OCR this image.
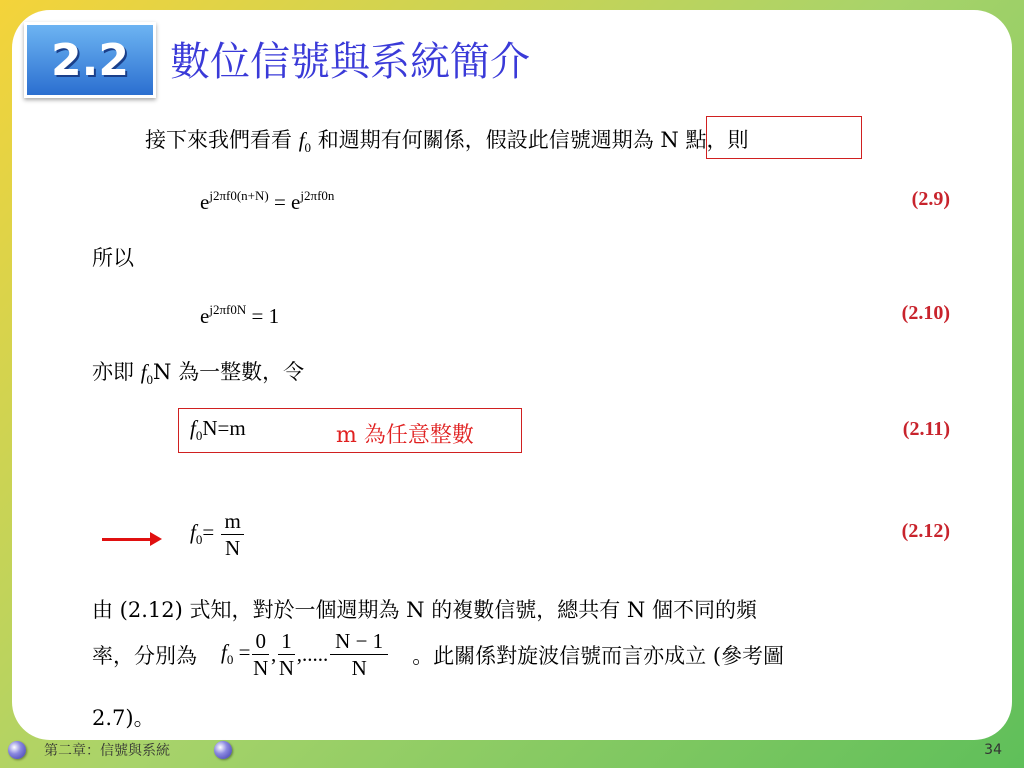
2.2 數位信號與系統簡介
接下來我們看看 $f_0$ 和週期有何關係，假設此信號週期為 N 點，則
$e^{j2\pi f0(n+N)} = e^{j2\pi f0n}$	(2.9)
所以
$e^{j2\pi f0N} = 1$	(2.10)
亦即 $f_0N$ 為一整數，令
$f_0N=m$	m 為任意整數	(2.11)
$f_0= \frac{m}{N}$	(2.12)
由 (2.12) 式知，對於一個週期為 N 的複數信號，總共有 N 個不同的頻
率，分別為 $f_0 = \frac{0}{N}$ , $\frac{1}{N}$ ,..... $\frac{N - 1}{N}$ 。此關係對旋波信號而言亦成立 (參考圖
2.7)。
第二章：信號與系統	34
